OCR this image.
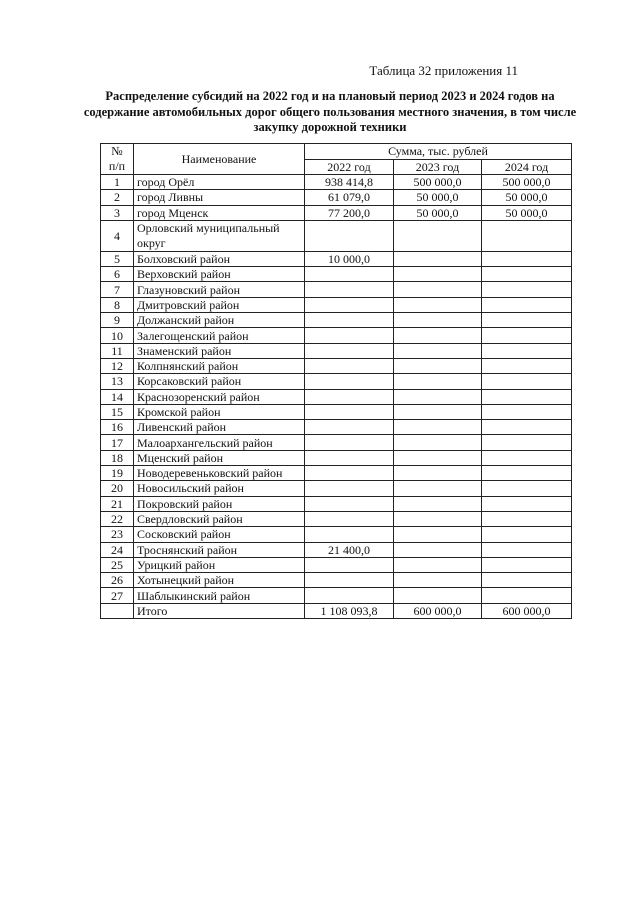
Таблица 32 приложения 11
Распределение субсидий на 2022 год и на плановый период 2023 и 2024 годов на содержание автомобильных дорог общего пользования местного значения, в том числе закупку дорожной техники
№
п/п	Наименование	Сумма, тыс. рублей		
		2022 год	2023 год	2024 год
1	город Орёл	938 414,8	500 000,0	500 000,0
2	город Ливны	61 079,0	50 000,0	50 000,0
3	город Мценск	77 200,0	50 000,0	50 000,0
4	Орловский муниципальный округ			
5	Болховский район	10 000,0		
6	Верховский район			
7	Глазуновский район			
8	Дмитровский район			
9	Должанский район			
10	Залегощенский район			
11	Знаменский район			
12	Колпнянский район			
13	Корсаковский район			
14	Краснозоренский район			
15	Кромской район			
16	Ливенский район			
17	Малоархангельский район			
18	Мценский район			
19	Новодеревеньковский район			
20	Новосильский район			
21	Покровский район			
22	Свердловский район			
23	Сосковский район			
24	Троснянский район	21 400,0		
25	Урицкий район			
26	Хотынецкий район			
27	Шаблыкинский район			
	Итого	1 108 093,8	600 000,0	600 000,0
